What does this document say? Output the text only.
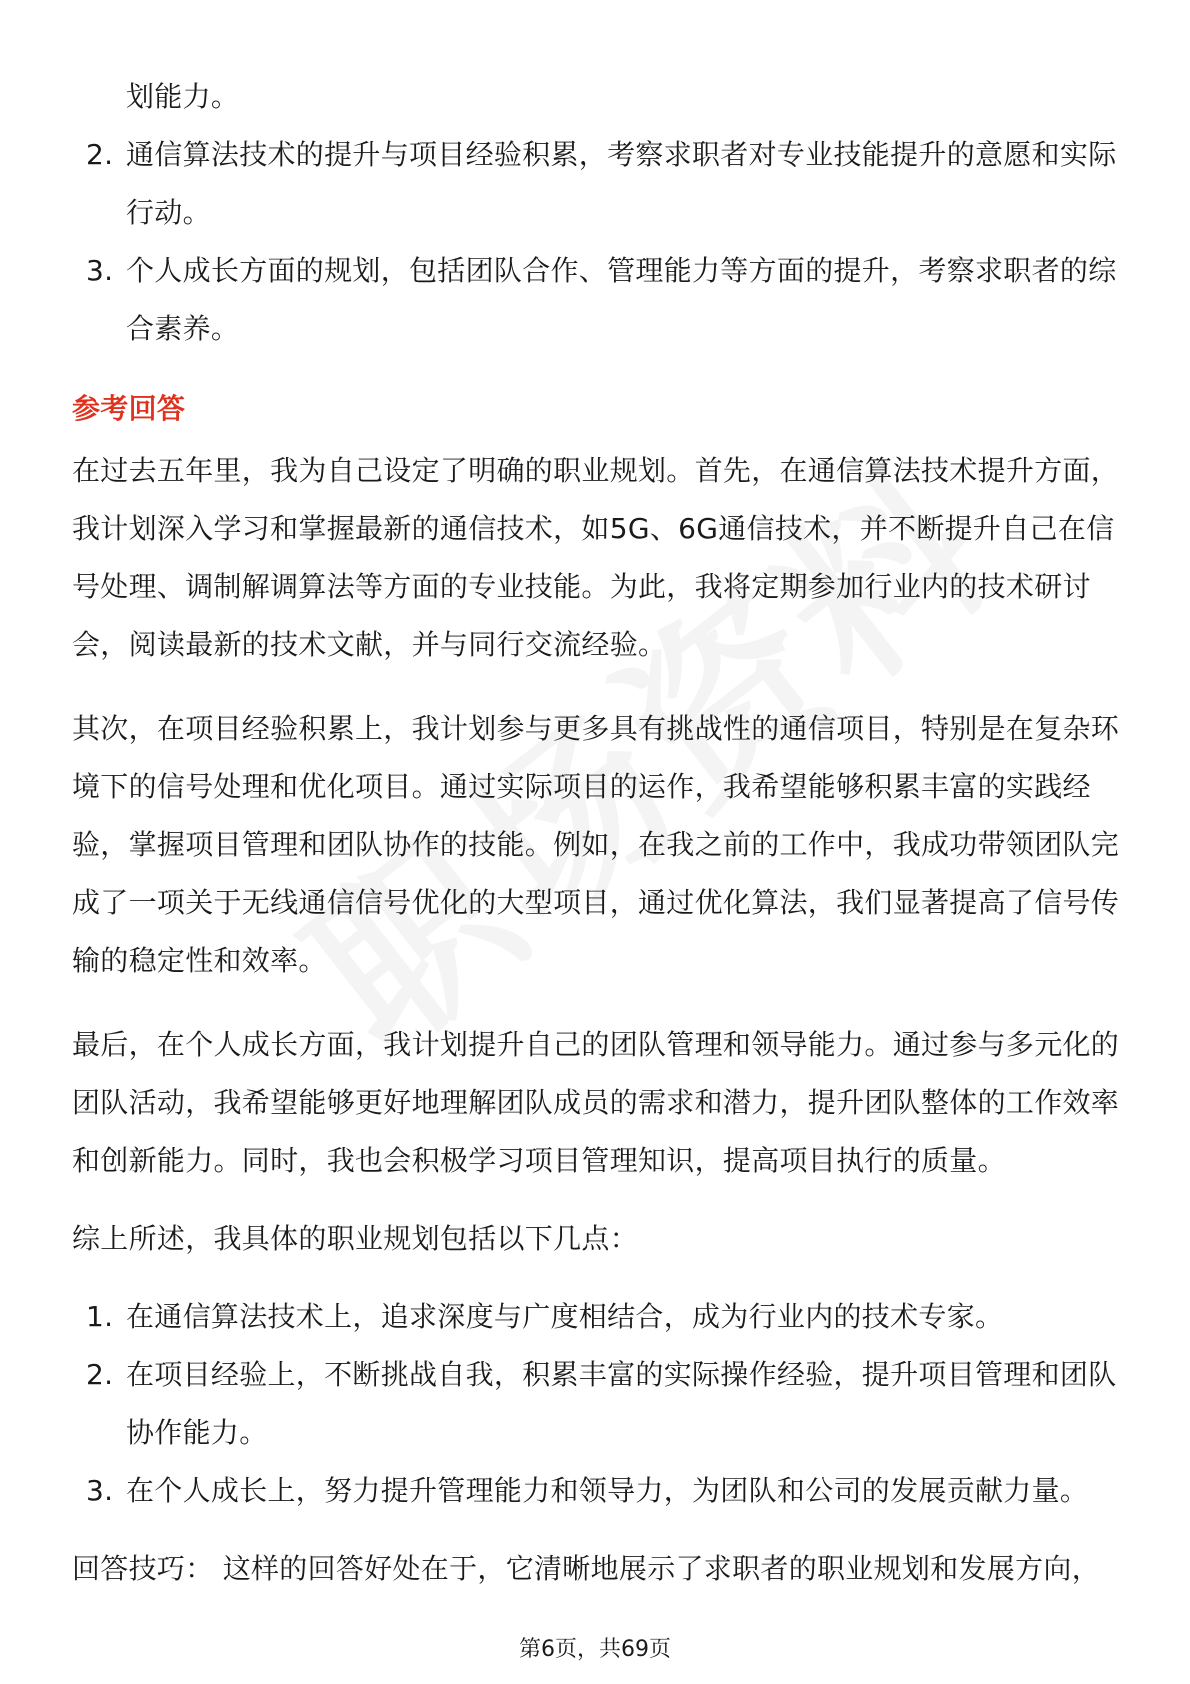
划能力。

2. 通信算法技术的提升与项目经验积累，考察求职者对专业技能提升的意愿和实际行动。
3. 个人成长方面的规划，包括团队合作、管理能力等方面的提升，考察求职者的综合素养。
参考回答

在过去五年里，我为自己设定了明确的职业规划。首先，在通信算法技术提升方面，我计划深入学习和掌握最新的通信技术，如5G、6G通信技术，并不断提升自己在信号处理、调制解调算法等方面的专业技能。为此，我将定期参加行业内的技术研讨会，阅读最新的技术文献，并与同行交流经验。

其次，在项目经验积累上，我计划参与更多具有挑战性的通信项目，特别是在复杂环境下的信号处理和优化项目。通过实际项目的运作，我希望能够积累丰富的实践经验，掌握项目管理和团队协作的技能。例如，在我之前的工作中，我成功带领团队完成了一项关于无线通信信号优化的大型项目，通过优化算法，我们显著提高了信号传输的稳定性和效率。

最后，在个人成长方面，我计划提升自己的团队管理和领导能力。通过参与多元化的团队活动，我希望能够更好地理解团队成员的需求和潜力，提升团队整体的工作效率和创新能力。同时，我也会积极学习项目管理知识，提高项目执行的质量。

综上所述，我具体的职业规划包括以下几点：

1. 在通信算法技术上，追求深度与广度相结合，成为行业内的技术专家。
2. 在项目经验上，不断挑战自我，积累丰富的实际操作经验，提升项目管理和团队协作能力。
3. 在个人成长上，努力提升管理能力和领导力，为团队和公司的发展贡献力量。

回答技巧： 这样的回答好处在于，它清晰地展示了求职者的职业规划和发展方向，

第6页，共69页
